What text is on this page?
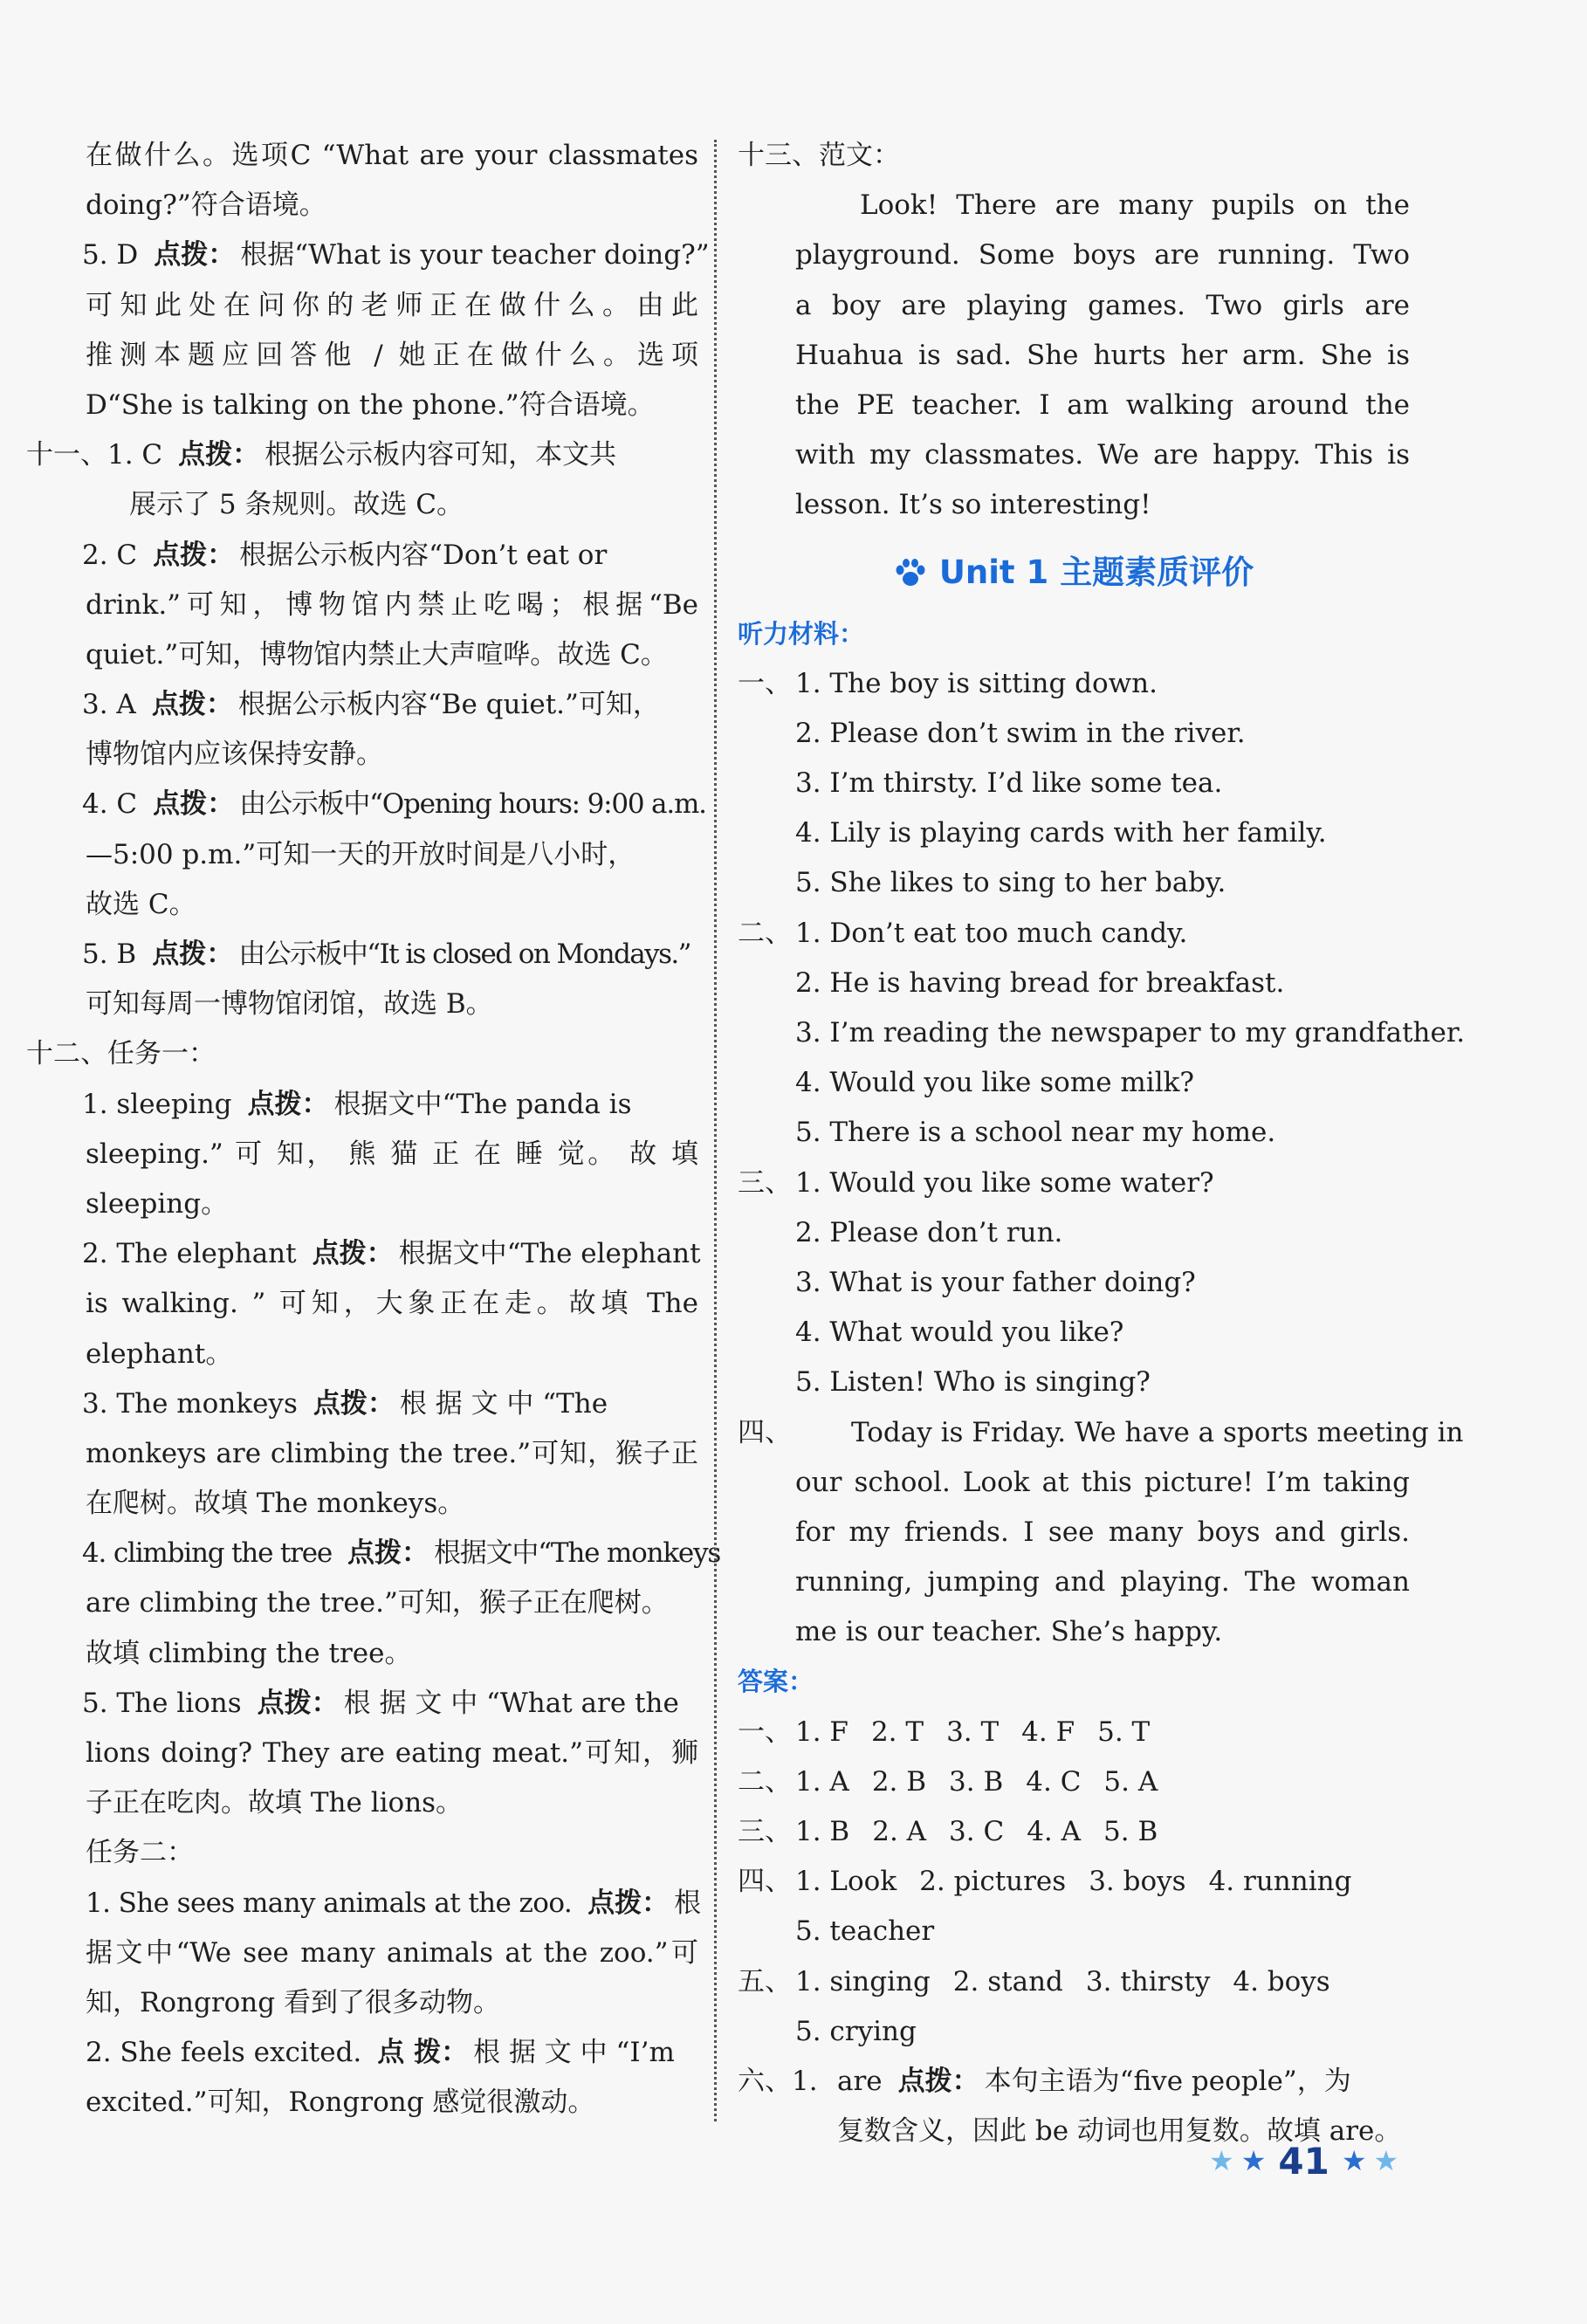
在做什么。选项C “What are your classmates
doing?”符合语境。
5. D 点拨： 根据“What is your teacher doing?”
可知此处在问你的老师正在做什么。由此
推测本题应回答他 / 她正在做什么。选项
D“She is talking on the phone.”符合语境。
十一、1. C 点拨： 根据公示板内容可知，本文共
展示了 5 条规则。故选 C。
2. C 点拨： 根据公示板内容“Don’t eat or
drink.”可知，博物馆内禁止吃喝；根据“Be
quiet.”可知，博物馆内禁止大声喧哗。故选 C。
3. A 点拨： 根据公示板内容“Be quiet.”可知，
博物馆内应该保持安静。
4. C 点拨： 由公示板中“Opening hours: 9:00 a.m.
—5:00 p.m.”可知一天的开放时间是八小时，
故选 C。
5. B 点拨： 由公示板中“It is closed on Mondays.”
可知每周一博物馆闭馆，故选 B。
十二、任务一：
1. sleeping 点拨： 根据文中“The panda is
sleeping.” 可 知， 熊 猫 正 在 睡 觉。 故 填
sleeping。
2. The elephant 点拨： 根据文中“The elephant
is walking. ” 可知，大象正在走。故填 The
elephant。
3. The monkeys 点拨： 根 据 文 中 “The
monkeys are climbing the tree.”可知，猴子正
在爬树。故填 The monkeys。
4. climbing the tree 点拨： 根据文中“The monkeys
are climbing the tree.”可知，猴子正在爬树。
故填 climbing the tree。
5. The lions 点拨： 根 据 文 中 “What are the
lions doing? They are eating meat.”可知，狮
子正在吃肉。故填 The lions。
任务二：
1. She sees many animals at the zoo. 点拨： 根
据文中“We see many animals at the zoo.”可
知，Rongrong 看到了很多动物。
2. She feels excited. 点 拨： 根 据 文 中 “I’m
excited.”可知，Rongrong 感觉很激动。
十三、范文：
Look! There are many pupils on the
playground. Some boys are running. Two
a boy are playing games. Two girls are
Huahua is sad. She hurts her arm. She is
the PE teacher. I am walking around the
with my classmates. We are happy. This is
lesson. It’s so interesting!
Unit 1 主题素质评价
听力材料：
一、 1. The boy is sitting down.
2. Please don’t swim in the river.
3. I’m thirsty. I’d like some tea.
4. Lily is playing cards with her family.
5. She likes to sing to her baby.
二、 1. Don’t eat too much candy.
2. He is having bread for breakfast.
3. I’m reading the newspaper to my grandfather.
4. Would you like some milk?
5. There is a school near my home.
三、 1. Would you like some water?
2. Please don’t run.
3. What is your father doing?
4. What would you like?
5. Listen! Who is singing?
四、 Today is Friday. We have a sports meeting in
our school. Look at this picture! I’m taking
for my friends. I see many boys and girls.
running, jumping and playing. The woman
me is our teacher. She’s happy.
答案：
一、 1. F 2. T 3. T 4. F 5. T
二、 1. A 2. B 3. B 4. C 5. A
三、 1. B 2. A 3. C 4. A 5. B
四、 1. Look 2. pictures 3. boys 4. running
5. teacher
五、 1. singing 2. stand 3. thirsty 4. boys
5. crying
六、1. are 点拨： 本句主语为“five people”，为
复数含义，因此 be 动词也用复数。故填 are。
★ ★ 41 ★ ★
